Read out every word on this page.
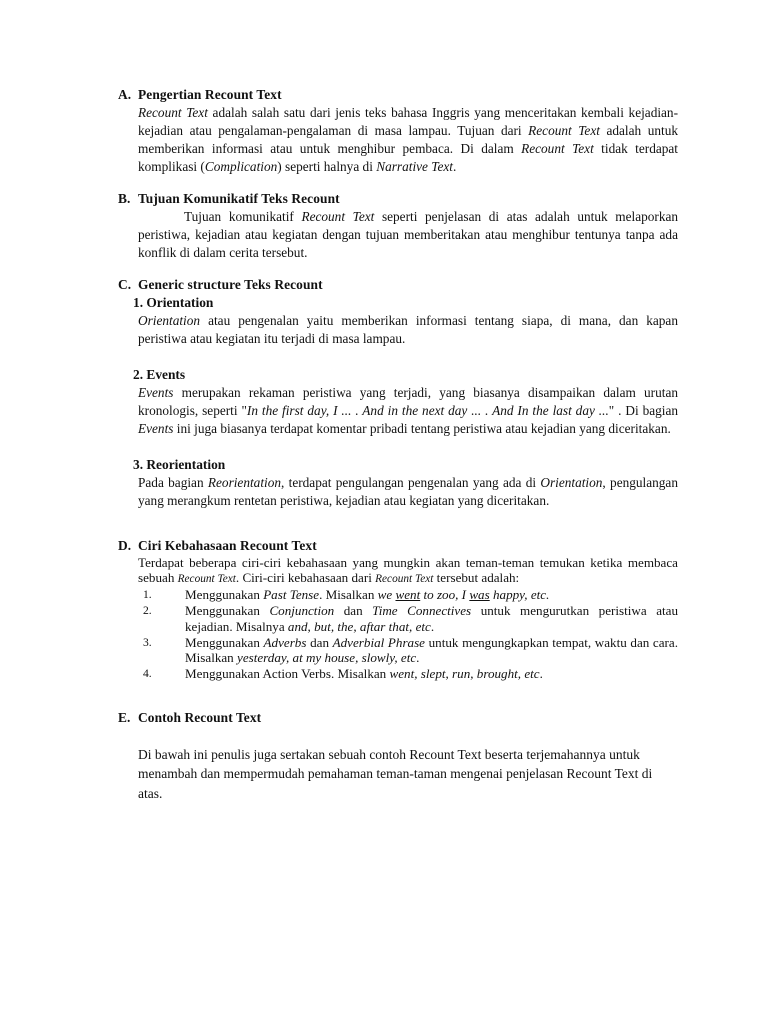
A. Pengertian Recount Text
Recount Text adalah salah satu dari jenis teks bahasa Inggris yang menceritakan kembali kejadian-kejadian atau pengalaman-pengalaman di masa lampau. Tujuan dari Recount Text adalah untuk memberikan informasi atau untuk menghibur pembaca. Di dalam Recount Text tidak terdapat komplikasi (Complication) seperti halnya di Narrative Text.
B. Tujuan Komunikatif Teks Recount
Tujuan komunikatif Recount Text seperti penjelasan di atas adalah untuk melaporkan peristiwa, kejadian atau kegiatan dengan tujuan memberitakan atau menghibur tentunya tanpa ada konflik di dalam cerita tersebut.
C. Generic structure Teks Recount
1. Orientation
Orientation atau pengenalan yaitu memberikan informasi tentang siapa, di mana, dan kapan peristiwa atau kegiatan itu terjadi di masa lampau.
2. Events
Events merupakan rekaman peristiwa yang terjadi, yang biasanya disampaikan dalam urutan kronologis, seperti "In the first day, I ... . And in the next day ... . And In the last day ..." . Di bagian Events ini juga biasanya terdapat komentar pribadi tentang peristiwa atau kejadian yang diceritakan.
3. Reorientation
Pada bagian Reorientation, terdapat pengulangan pengenalan yang ada di Orientation, pengulangan yang merangkum rentetan peristiwa, kejadian atau kegiatan yang diceritakan.
D. Ciri Kebahasaan Recount Text
Terdapat beberapa ciri-ciri kebahasaan yang mungkin akan teman-teman temukan ketika membaca sebuah Recount Text. Ciri-ciri kebahasaan dari Recount Text tersebut adalah:
1.	Menggunakan Past Tense. Misalkan we went to zoo, I was happy, etc.
2.	Menggunakan Conjunction dan Time Connectives untuk mengurutkan peristiwa atau kejadian. Misalnya and, but, the, aftar that, etc.
3.	Menggunakan Adverbs dan Adverbial Phrase untuk mengungkapkan tempat, waktu dan cara. Misalkan yesterday, at my house, slowly, etc.
4.	Menggunakan Action Verbs. Misalkan went, slept, run, brought, etc.
E. Contoh Recount Text
Di bawah ini penulis juga sertakan sebuah contoh Recount Text beserta terjemahannya untuk menambah dan mempermudah pemahaman teman-taman mengenai penjelasan Recount Text di atas.
